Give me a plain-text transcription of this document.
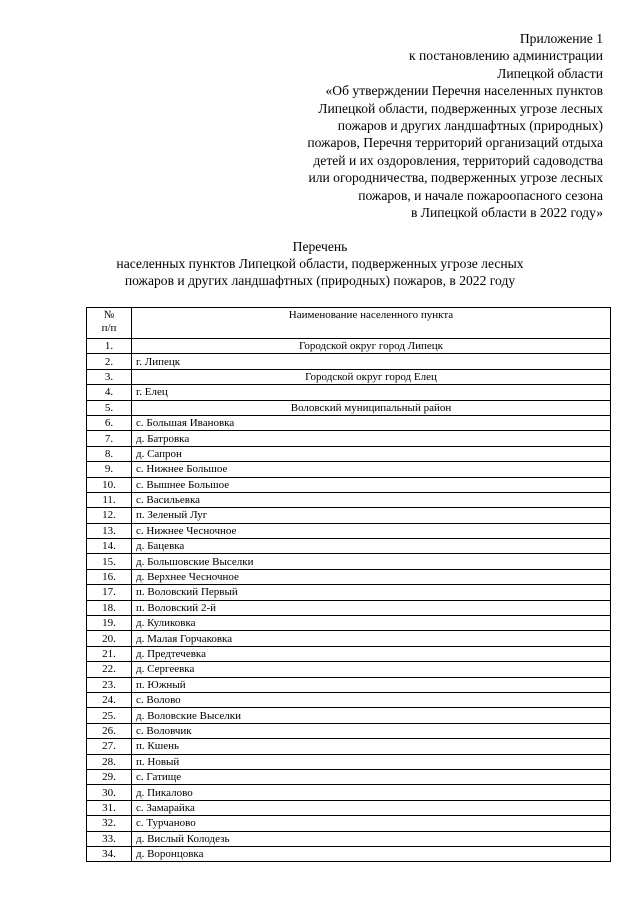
Приложение 1
к постановлению администрации
Липецкой области
«Об утверждении Перечня населенных пунктов
Липецкой области, подверженных угрозе лесных
пожаров и других ландшафтных (природных)
пожаров, Перечня территорий организаций отдыха
детей и их оздоровления, территорий садоводства
или огородничества, подверженных угрозе лесных
пожаров, и начале пожароопасного сезона
в Липецкой области в 2022 году»
Перечень
населенных пунктов Липецкой области, подверженных угрозе лесных
пожаров и других ландшафтных (природных) пожаров, в 2022 году
№
п/п	Наименование населенного пункта
1.	Городской округ город Липецк
2.	г. Липецк
3.	Городской округ город Елец
4.	г. Елец
5.	Воловский муниципальный район
6.	с. Большая Ивановка
7.	д. Батровка
8.	д. Сапрон
9.	с. Нижнее Большое
10.	с. Вышнее Большое
11.	с. Васильевка
12.	п. Зеленый Луг
13.	с. Нижнее Чесночное
14.	д. Бацевка
15.	д. Большовские Выселки
16.	д. Верхнее Чесночное
17.	п. Воловский Первый
18.	п. Воловский 2-й
19.	д. Куликовка
20.	д. Малая Горчаковка
21.	д. Предтечевка
22.	д. Сергеевка
23.	п. Южный
24.	с. Волово
25.	д. Воловские Выселки
26.	с. Воловчик
27.	п. Кшень
28.	п. Новый
29.	с. Гатище
30.	д. Пикалово
31.	с. Замарайка
32.	с. Турчаново
33.	д. Вислый Колодезь
34.	д. Воронцовка
